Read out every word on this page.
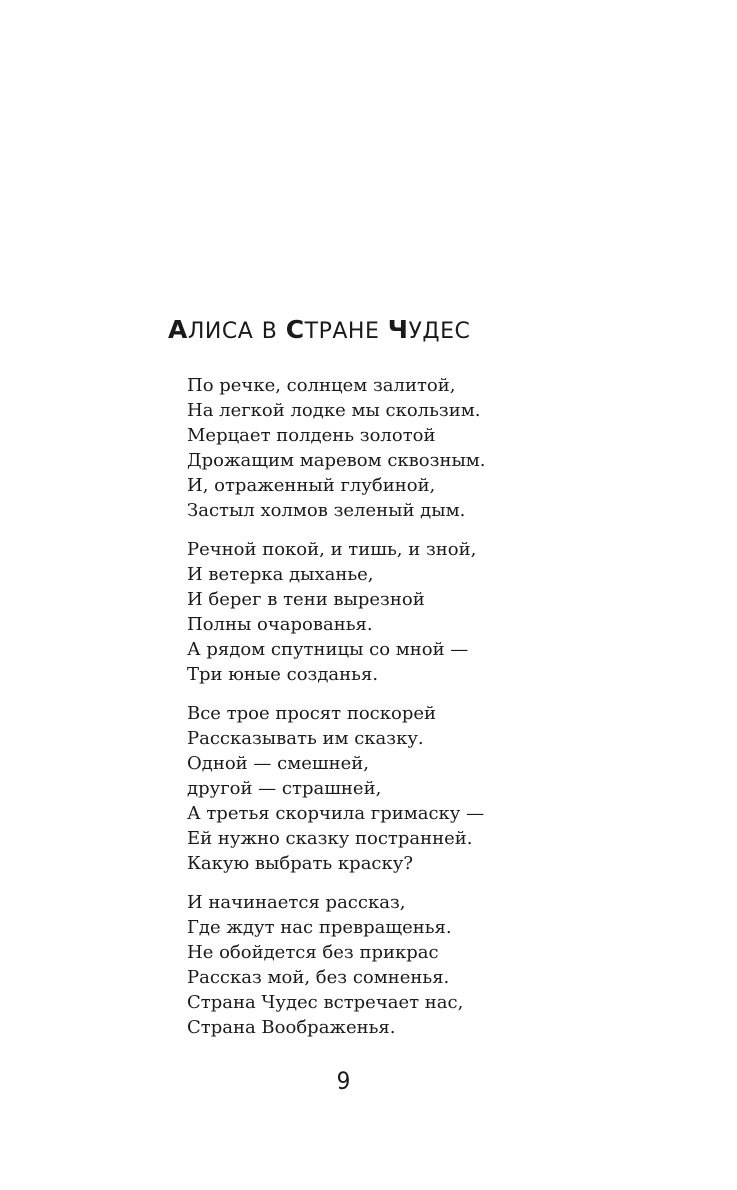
АЛИСА В СТРАНЕ ЧУДЕС
По речке, солнцем залитой,
На легкой лодке мы скользим.
Мерцает полдень золотой
Дрожащим маревом сквозным.
И, отраженный глубиной,
Застыл холмов зеленый дым.
Речной покой, и тишь, и зной,
И ветерка дыханье,
И берег в тени вырезной
Полны очарованья.
А рядом спутницы со мной —
Три юные созданья.
Все трое просят поскорей
Рассказывать им сказку.
Одной — смешней,
другой — страшней,
А третья скорчила гримаску —
Ей нужно сказку постранней.
Какую выбрать краску?
И начинается рассказ,
Где ждут нас превращенья.
Не обойдется без прикрас
Рассказ мой, без сомненья.
Страна Чудес встречает нас,
Страна Воображенья.
9
